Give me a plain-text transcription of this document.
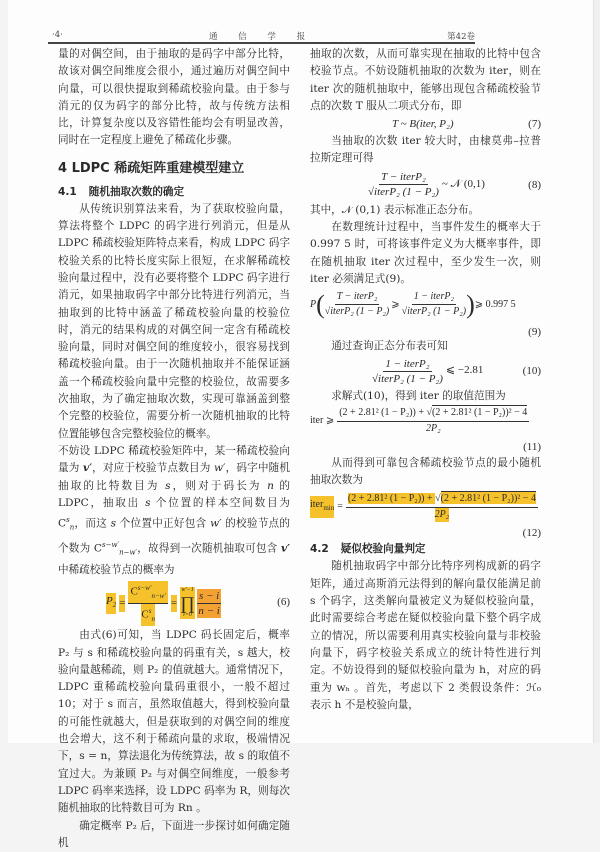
·4·	通 信 学 报	第42卷

量的对偶空间，由于抽取的是码字中部分比特，故该对偶空间维度会很小，通过遍历对偶空间中向量，可以很快提取到稀疏校验向量。由于参与消元的仅为码字的部分比特，故与传统方法相比，计算复杂度以及容错性能均会有明显改善，同时在一定程度上避免了稀疏化步骤。

4 LDPC 稀疏矩阵重建模型建立
4.1 随机抽取次数的确定

从传统识别算法来看，为了获取校验向量，算法将整个 LDPC 的码字进行列消元，但是从 LDPC 稀疏校验矩阵特点来看，构成 LDPC 码字校验关系的比特长度实际上很短，在求解稀疏校验向量过程中，没有必要将整个 LDPC 码字进行消元，如果抽取码字中部分比特进行列消元，当抽取到的比特中涵盖了稀疏校验向量的校验位时，消元的结果构成的对偶空间一定含有稀疏校验向量，同时对偶空间的维度较小，很容易找到稀疏校验向量。由于一次随机抽取并不能保证涵盖一个稀疏校验向量中完整的校验位，故需要多次抽取，为了确定抽取次数，实现可靠涵盖到整个完整的校验位，需要分析一次随机抽取的比特位置能够包含完整校验位的概率。

不妨设 LDPC 稀疏校验矩阵中，某一稀疏校验向量为 v′，对应于校验节点数目为 w′，码字中随机抽取的比特数目为 s，则对于码长为 n 的 LDPC，抽取出 s 个位置的样本空间数目为 $C^s_n$，而这 s 个位置中正好包含 w′ 的校验节点的个数为 $C^{s-w'}_{n-w'}$，故得到一次随机抽取可包含 v′ 中稀疏校验节点的概率为

$P_2 = \frac{C^{s-w'}_{n-w'}}{C^s_n}$ =
w′−1
∏
$i=0 \frac{s - i}{n - i}$	(6)

由式(6)可知，当 LDPC 码长固定后，概率 P₂ 与 s 和稀疏校验向量的码重有关，s 越大，校验向量越稀疏，则 P₂ 的值就越大。通常情况下，LDPC 重稀疏校验向量码重很小，一般不超过 10；对于 s 而言，虽然取值越大，得到校验向量的可能性就越大，但是获取到的对偶空间的维度也会增大，这不利于稀疏向量的求取，极端情况下，s = n，算法退化为传统算法，故 s 的取值不宜过大。为兼顾 P₂ 与对偶空间维度，一般参考 LDPC 码率来选择，设 LDPC 码率为 R，则每次随机抽取的比特数目可为 Rn 。

确定概率 P₂ 后，下面进一步探讨如何确定随机

抽取的次数，从而可靠实现在抽取的比特中包含校验节点。不妨设随机抽取的次数为 iter，则在 iter 次的随机抽取中，能够出现包含稀疏校验节点的次数 T 服从二项式分布，即

T ~ B(iter, P₂)	(7)

当抽取的次数 iter 较大时，由棣莫弗–拉普拉斯定理可得

$\frac{\text{T − iterP₂}}{\text{√iterP₂ (1 − P₂)}}$ ~ 𝒩 (0,1)	(8)

其中，𝒩 (0,1) 表示标准正态分布。

在数理统计过程中，当事件发生的概率大于 0.997 5 时，可将该事件定义为大概率事件，即在随机抽取 iter 次过程中，至少发生一次，则 iter 必须满足式(9)。

P ( $\frac{\text{T − iterP₂}}{\text{√iterP₂ (1 − P₂)}}$ ⩾ $\frac{\text{1 − iterP₂}}{\text{√iterP₂ (1 − P₂)}}$ ) ⩾ 0.997 5
(9)

通过查询正态分布表可知

$\frac{\text{1 − iterP₂}}{\text{√iterP₂ (1 − P₂)}}$ ⩽ −2.81	(10)

求解式(10)，得到 iter 的取值范围为

iter ⩾ $\frac{\text{(2 + 2.81² (1 − P₂)) + √(2 + 2.81² (1 − P₂))² − 4}}{\text{2P₂}}$
(11)

从而得到可靠包含稀疏校验节点的最小随机抽取次数为

iter$_{min}$ = $\frac{\text{(2 + 2.81² (1 − P₂)) + √(2 + 2.81² (1 − P₂))² − 4}}{\text{2P₂}}$
(12)
4.2 疑似校验向量判定

随机抽取码字中部分比特序列构成新的码字矩阵，通过高斯消元法得到的解向量仅能满足前 s 个码字，这类解向量被定义为疑似校验向量，此时需要综合考虑在疑似校验向量下整个码字成立的情况，所以需要利用真实校验向量与非校验向量下，码字校验关系成立的统计特性进行判定。不妨设得到的疑似校验向量为 h，对应的码重为 wₕ 。首先，考虑以下 2 类假设条件：ℋ₀ 表示 h 不是校验向量，
